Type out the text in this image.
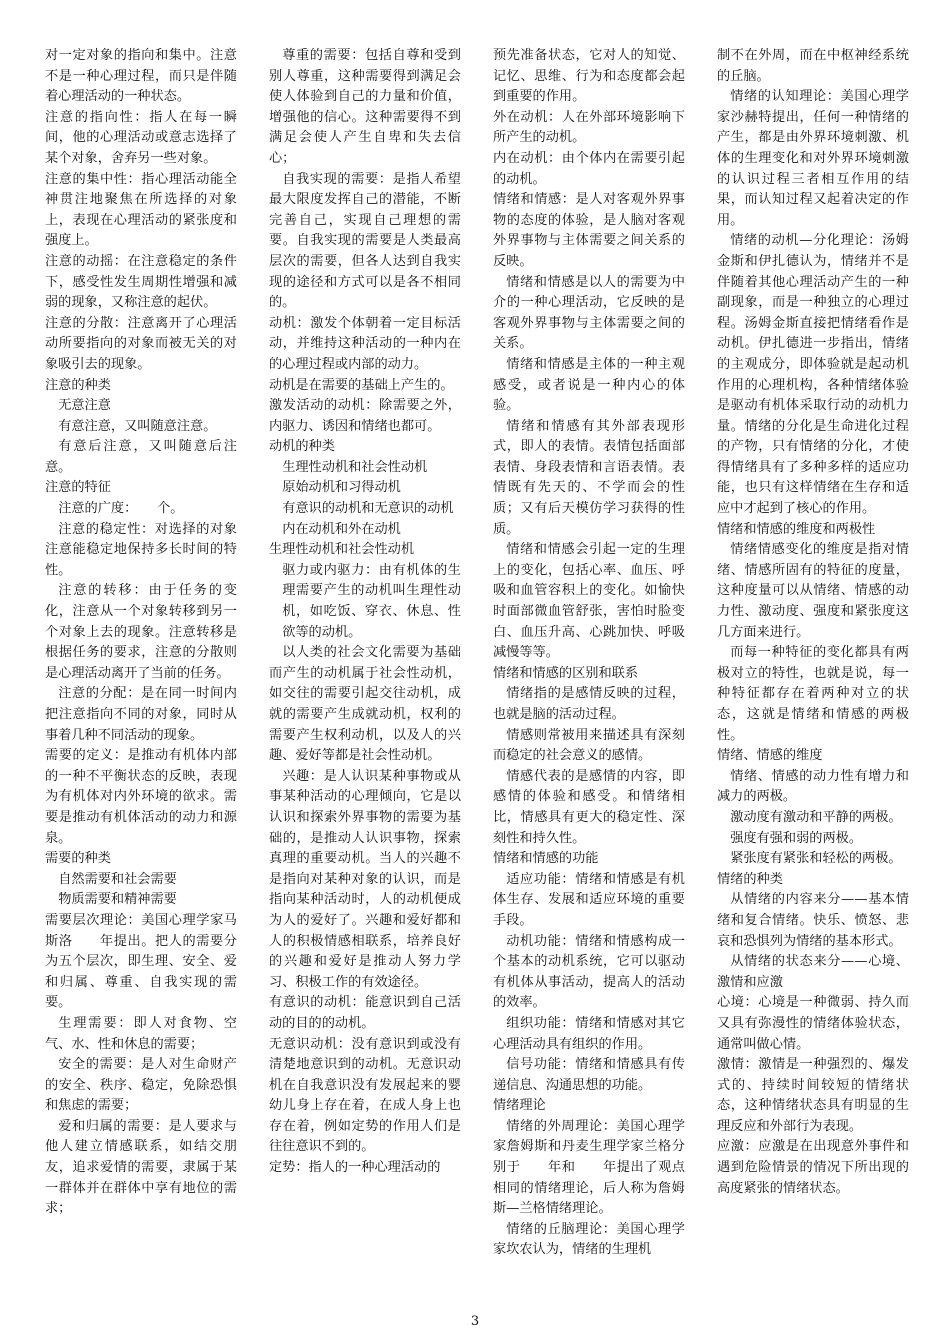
对一定对象的指向和集中。注意不是一种心理过程，而只是伴随着心理活动的一种状态。

注意的指向性：指人在每一瞬间，他的心理活动或意志选择了某个对象，舍弃另一些对象。

注意的集中性：指心理活动能全神贯注地聚焦在所选择的对象上，表现在心理活动的紧张度和强度上。

注意的动摇：在注意稳定的条件下，感受性发生周期性增强和减弱的现象，又称注意的起伏。

注意的分散：注意离开了心理活动所要指向的对象而被无关的对象吸引去的现象。

注意的种类

无意注意

有意注意，又叫随意注意。

有意后注意，又叫随意后注意。

注意的特征

注意的广度：　　个。

注意的稳定性：对选择的对象注意能稳定地保持多长时间的特性。

注意的转移：由于任务的变化，注意从一个对象转移到另一个对象上去的现象。注意转移是根据任务的要求，注意的分散则是心理活动离开了当前的任务。

注意的分配：是在同一时间内把注意指向不同的对象，同时从事着几种不同活动的现象。

需要的定义：是推动有机体内部的一种不平衡状态的反映，表现为有机体对内外环境的欲求。需要是推动有机体活动的动力和源泉。

需要的种类

自然需要和社会需要

物质需要和精神需要

需要层次理论：美国心理学家马斯洛　　年提出。把人的需要分为五个层次，即生理、安全、爱和归属、尊重、自我实现的需要。

生理需要：即人对食物、空气、水、性和休息的需要；

安全的需要：是人对生命财产的安全、秩序、稳定，免除恐惧和焦虑的需要；

爱和归属的需要：是人要求与他人建立情感联系，如结交朋友，追求爱情的需要，隶属于某一群体并在群体中享有地位的需求；

尊重的需要：包括自尊和受到别人尊重，这种需要得到满足会使人体验到自己的力量和价值，增强他的信心。这种需要得不到满足会使人产生自卑和失去信心；

自我实现的需要：是指人希望最大限度发挥自己的潜能，不断完善自己，实现自己理想的需要。自我实现的需要是人类最高层次的需要，但各人达到自我实现的途径和方式可以是各不相同的。

动机：激发个体朝着一定目标活动，并维持这种活动的一种内在的心理过程或内部的动力。

动机是在需要的基础上产生的。

激发活动的动机：除需要之外，内驱力、诱因和情绪也都可。

动机的种类

生理性动机和社会性动机

原始动机和习得动机

有意识的动机和无意识的动机

内在动机和外在动机

生理性动机和社会性动机

驱力或内驱力：由有机体的生理需要产生的动机叫生理性动机，如吃饭、穿衣、休息、性欲等的动机。

以人类的社会文化需要为基础而产生的动机属于社会性动机，如交往的需要引起交往动机，成就的需要产生成就动机，权利的需要产生权利动机，以及人的兴趣、爱好等都是社会性动机。

兴趣：是人认识某种事物或从事某种活动的心理倾向，它是以认识和探索外界事物的需要为基础的，是推动人认识事物，探索真理的重要动机。当人的兴趣不是指向对某种对象的认识，而是指向某种活动时，人的动机便成为人的爱好了。兴趣和爱好都和人的积极情感相联系，培养良好的兴趣和爱好是推动人努力学习、积极工作的有效途径。

有意识的动机：能意识到自己活动的目的的动机。

无意识动机：没有意识到或没有清楚地意识到的动机。无意识动机在自我意识没有发展起来的婴幼儿身上存在着，在成人身上也存在着，例如定势的作用人们是往往意识不到的。

定势：指人的一种心理活动的

预先准备状态，它对人的知觉、记忆、思维、行为和态度都会起到重要的作用。

外在动机：人在外部环境影响下所产生的动机。

内在动机：由个体内在需要引起的动机。

情绪和情感：是人对客观外界事物的态度的体验，是人脑对客观外界事物与主体需要之间关系的反映。

情绪和情感是以人的需要为中介的一种心理活动，它反映的是客观外界事物与主体需要之间的关系。

情绪和情感是主体的一种主观感受，或者说是一种内心的体验。

情绪和情感有其外部表现形式，即人的表情。表情包括面部表情、身段表情和言语表情。表情既有先天的、不学而会的性质；又有后天模仿学习获得的性质。

情绪和情感会引起一定的生理上的变化，包括心率、血压、呼吸和血管容积上的变化。如愉快时面部微血管舒张，害怕时脸变白、血压升高、心跳加快、呼吸减慢等等。

情绪和情感的区别和联系

情绪指的是感情反映的过程，也就是脑的活动过程。

情感则常被用来描述具有深刻而稳定的社会意义的感情。

情感代表的是感情的内容，即感情的体验和感受。和情绪相比，情感具有更大的稳定性、深刻性和持久性。

情绪和情感的功能

适应功能：情绪和情感是有机体生存、发展和适应环境的重要手段。

动机功能：情绪和情感构成一个基本的动机系统，它可以驱动有机体从事活动，提高人的活动的效率。

组织功能：情绪和情感对其它心理活动具有组织的作用。

信号功能：情绪和情感具有传递信息、沟通思想的功能。

情绪理论

情绪的外周理论：美国心理学家詹姆斯和丹麦生理学家兰格分别于　　年和　　年提出了观点相同的情绪理论，后人称为詹姆斯—兰格情绪理论。

情绪的丘脑理论：美国心理学家坎农认为，情绪的生理机

制不在外周，而在中枢神经系统的丘脑。

情绪的认知理论：美国心理学家沙赫特提出，任何一种情绪的产生，都是由外界环境刺激、机体的生理变化和对外界环境刺激的认识过程三者相互作用的结果，而认知过程又起着决定的作用。

情绪的动机—分化理论：汤姆金斯和伊扎德认为，情绪并不是伴随着其他心理活动产生的一种副现象，而是一种独立的心理过程。汤姆金斯直接把情绪看作是动机。伊扎德进一步指出，情绪的主观成分，即体验就是起动机作用的心理机构，各种情绪体验是驱动有机体采取行动的动机力量。情绪的分化是生命进化过程的产物，只有情绪的分化，才使得情绪具有了多种多样的适应功能，也只有这样情绪在生存和适应中才起到了核心的作用。

情绪和情感的维度和两极性

情绪情感变化的维度是指对情绪、情感所固有的特征的度量，这种度量可以从情绪、情感的动力性、激动度、强度和紧张度这几方面来进行。

而每一种特征的变化都具有两极对立的特性，也就是说，每一种特征都存在着两种对立的状态，这就是情绪和情感的两极性。

情绪、情感的维度

情绪、情感的动力性有增力和减力的两极。

激动度有激动和平静的两极。

强度有强和弱的两极。

紧张度有紧张和轻松的两极。

情绪的种类

从情绪的内容来分——基本情绪和复合情绪。快乐、愤怒、悲哀和恐惧列为情绪的基本形式。

从情绪的状态来分——心境、激情和应激

心境：心境是一种微弱、持久而又具有弥漫性的情绪体验状态，通常叫做心情。

激情：激情是一种强烈的、爆发式的、持续时间较短的情绪状态，这种情绪状态具有明显的生理反应和外部行为表现。

应激：应激是在出现意外事件和遇到危险情景的情况下所出现的高度紧张的情绪状态。

3
